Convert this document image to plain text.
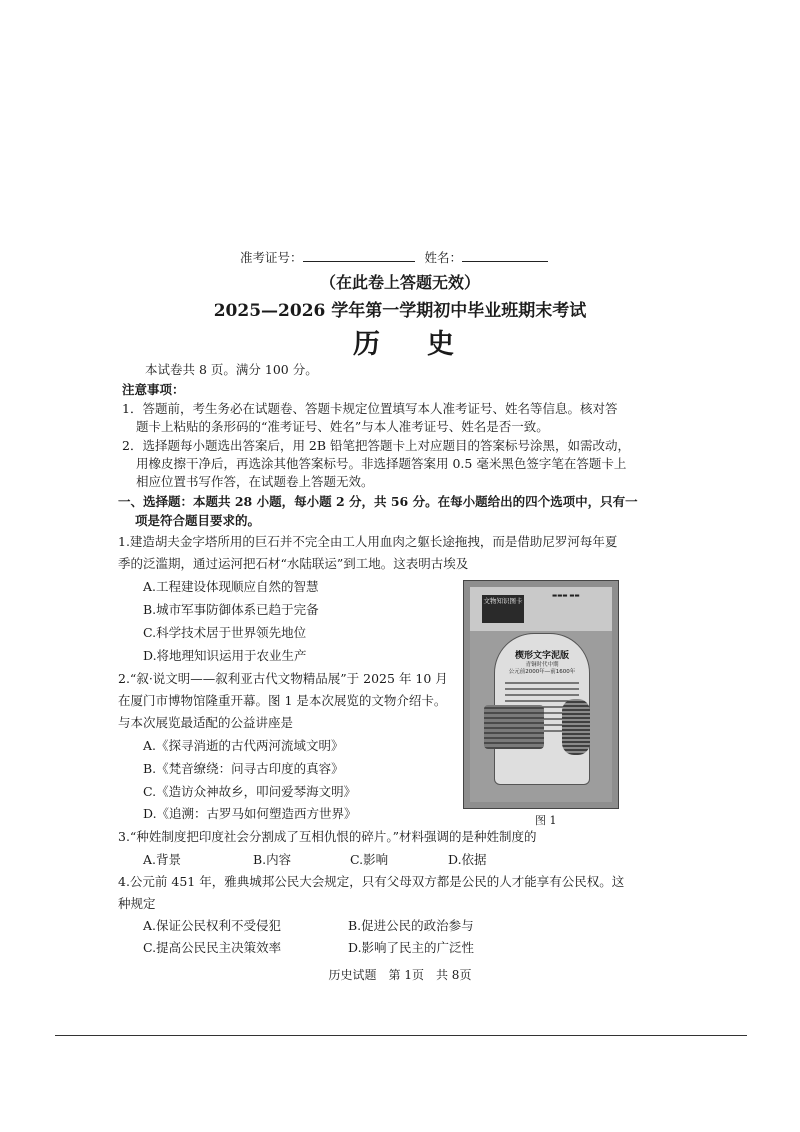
准考证号：	姓名：
（在此卷上答题无效）
2025—2026 学年第一学期初中毕业班期末考试
历 史
本试卷共 8 页。满分 100 分。
注意事项：
1．答题前，考生务必在试题卷、答题卡规定位置填写本人准考证号、姓名等信息。核对答
题卡上粘贴的条形码的“准考证号、姓名”与本人准考证号、姓名是否一致。
2．选择题每小题选出答案后，用 2B 铅笔把答题卡上对应题目的答案标号涂黑，如需改动，
用橡皮擦干净后，再选涂其他答案标号。非选择题答案用 0.5 毫米黑色签字笔在答题卡上
相应位置书写作答，在试题卷上答题无效。
一、选择题：本题共 28 小题，每小题 2 分，共 56 分。在每小题给出的四个选项中，只有一
项是符合题目要求的。
1.建造胡夫金字塔所用的巨石并不完全由工人用血肉之躯长途拖拽，而是借助尼罗河每年夏
季的泛滥期，通过运河把石材“水陆联运”到工地。这表明古埃及
A.工程建设体现顺应自然的智慧
B.城市军事防御体系已趋于完备
C.科学技术居于世界领先地位
D.将地理知识运用于农业生产
2.“叙·说文明——叙利亚古代文物精品展”于 2025 年 10 月
在厦门市博物馆隆重开幕。图 1 是本次展览的文物介绍卡。
与本次展览最适配的公益讲座是
A.《探寻消逝的古代两河流域文明》
B.《梵音缭绕：问寻古印度的真容》
C.《造访众神故乡，叩问爱琴海文明》
D.《追溯：古罗马如何塑造西方世界》
文物知识图卡
▬▬▬ ▬▬
楔形文字泥版
青铜时代中期
公元前2000年—前1600年
图 1
3.“种姓制度把印度社会分割成了互相仇恨的碎片。”材料强调的是种姓制度的
A.背景	B.内容	C.影响	D.依据
4.公元前 451 年，雅典城邦公民大会规定，只有父母双方都是公民的人才能享有公民权。这
种规定
A.保证公民权利不受侵犯	B.促进公民的政治参与
C.提高公民民主决策效率	D.影响了民主的广泛性
历史试题　第 1页　共 8页
